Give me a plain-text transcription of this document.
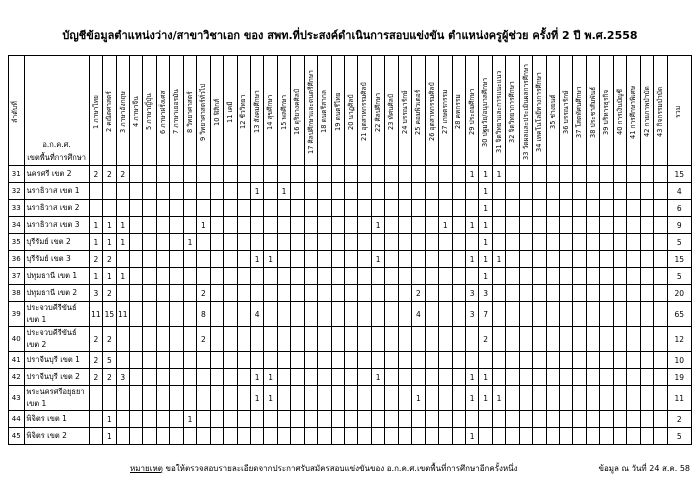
บัญชีข้อมูลตำแหน่งว่าง/สาขาวิชาเอก ของ สพท.ที่ประสงค์ดำเนินการสอบแข่งขัน ตำแหน่งครูผู้ช่วย ครั้งที่ 2 ปี พ.ศ.2558
ลำดับที่	อ.ก.ค.ศ.
เขตพื้นที่การศึกษา	1 ภาษาไทย	2 คณิตศาสตร์	3 ภาษาอังกฤษ	4 ภาษาจีน	5 ภาษาญี่ปุ่น	6 ภาษาฝรั่งเศส	7 ภาษาเยอรมัน	8 วิทยาศาสตร์	9 วิทยาศาสตร์ทั่วไป	10 ฟิสิกส์	11 เคมี	12 ชีววิทยา	13 สังคมศึกษา	14 สุขศึกษา	15 พลศึกษา	16 ดุริยางคศิลป์	17 ศิลปศึกษาและดนตรีศึกษา	18 ดนตรีสากล	19 ดนตรีไทย	20 นาฏศิลป์	21 อุตสาหกรรมศิลป์	22 ศิลปศึกษา	23 ทัศนศิลป์	24 บรรณารักษ์	25 คอมพิวเตอร์	26 อุตสาหกรรมศิลป์	27 เกษตรกรรม	28 คหกรรม	29 ประถมศึกษา	30 ปฐมวัย/อนุบาลศึกษา	31 จิตวิทยาและการแนะแนว	32 จิตวิทยาการศึกษา	33 วัดผลและประเมินผลการศึกษา	34 เทคโนโลยีทางการศึกษา	35 ช่างยนต์	36 บรรณารักษ์	37 โสตทัศนศึกษา	38 ประชาสัมพันธ์	39 บริหารธุรกิจ	40 การเงินบัญชี	41 การศึกษาพิเศษ	42 กายภาพบำบัด	43 กิจกรรมบำบัด	รวม

31	นครศรี เขต 2	2	2	2																										1	1	1													15
32	นราธิวาส เขต 1													1		1															1														4
33	นราธิวาส เขต 2																														1														6
34	นราธิวาส เขต 3	1	1	1						1													1					1		1	1														9
35	บุรีรัมย์ เขต 2	1	1	1					1																						1														5
36	บุรีรัมย์ เขต 3	2	2											1	1								1							1	1	1													15
37	ปทุมธานี เขต 1	1	1	1																											1														5
38	ปทุมธานี เขต 2	3	2							2																2				3	3														20
39	ประจวบคีรีขันธ์ เขต 1	11	15	11						8				4												4				3	7														65
40	ประจวบคีรีขันธ์ เขต 2	2	2							2																					2														12
41	ปราจีนบุรี เขต 1	2	5																																										10
42	ปราจีนบุรี เขต 2	2	2	3										1	1								1							1	1														19
43	พระนครศรีอยุธยา เขต 1													1	1											1				1	1	1													11
44	พิจิตร เขต 1		1						1																																				2
45	พิจิตร เขต 2		1																											1															5
หมายเหตุ ขอให้ตรวจสอบรายละเอียดจากประกาศรับสมัครสอบแข่งขันของ อ.ก.ค.ศ.เขตพื้นที่การศึกษาอีกครั้งหนึ่ง	ข้อมูล ณ วันที่ 24 ส.ค. 58
